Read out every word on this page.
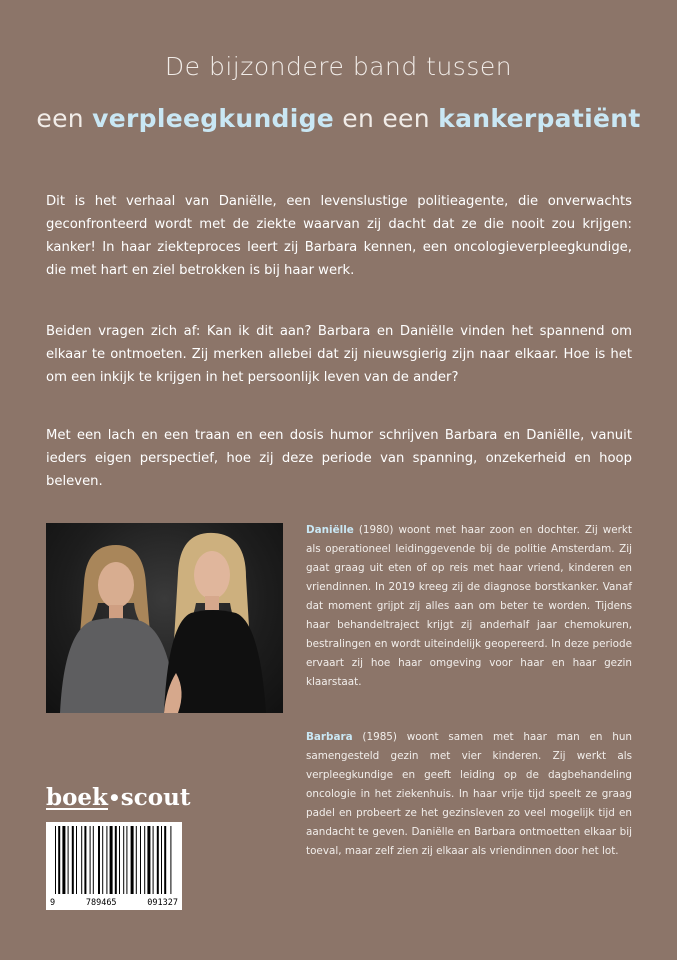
De bijzondere band tussen
een verpleegkundige en een kankerpatiënt

Dit is het verhaal van Daniëlle, een levenslustige politieagente, die onverwachts geconfronteerd wordt met de ziekte waarvan zij dacht dat ze die nooit zou krijgen: kanker! In haar ziekteproces leert zij Barbara kennen, een oncologieverpleegkundige, die met hart en ziel betrokken is bij haar werk.

Beiden vragen zich af: Kan ik dit aan? Barbara en Daniëlle vinden het spannend om elkaar te ontmoeten. Zij merken allebei dat zij nieuwsgierig zijn naar elkaar. Hoe is het om een inkijk te krijgen in het persoonlijk leven van de ander?

Met een lach en een traan en een dosis humor schrijven Barbara en Daniëlle, vanuit ieders eigen perspectief, hoe zij deze periode van spanning, onzekerheid en hoop beleven.

Daniëlle (1980) woont met haar zoon en dochter. Zij werkt als operationeel leidinggevende bij de politie Amsterdam. Zij gaat graag uit eten of op reis met haar vriend, kinderen en vriendinnen. In 2019 kreeg zij de diagnose borstkanker. Vanaf dat moment grijpt zij alles aan om beter te worden. Tijdens haar behandeltraject krijgt zij anderhalf jaar chemokuren, bestralingen en wordt uiteindelijk geopereerd. In deze periode ervaart zij hoe haar omgeving voor haar en haar gezin klaarstaat.

Barbara (1985) woont samen met haar man en hun samengesteld gezin met vier kinderen. Zij werkt als verpleegkundige en geeft leiding op de dagbehandeling oncologie in het ziekenhuis. In haar vrije tijd speelt ze graag padel en probeert ze het gezinsleven zo veel mogelijk tijd en aandacht te geven. Daniëlle en Barbara ontmoetten elkaar bij toeval, maar zelf zien zij elkaar als vriendinnen door het lot.

boek•scout
9	789465	091327
